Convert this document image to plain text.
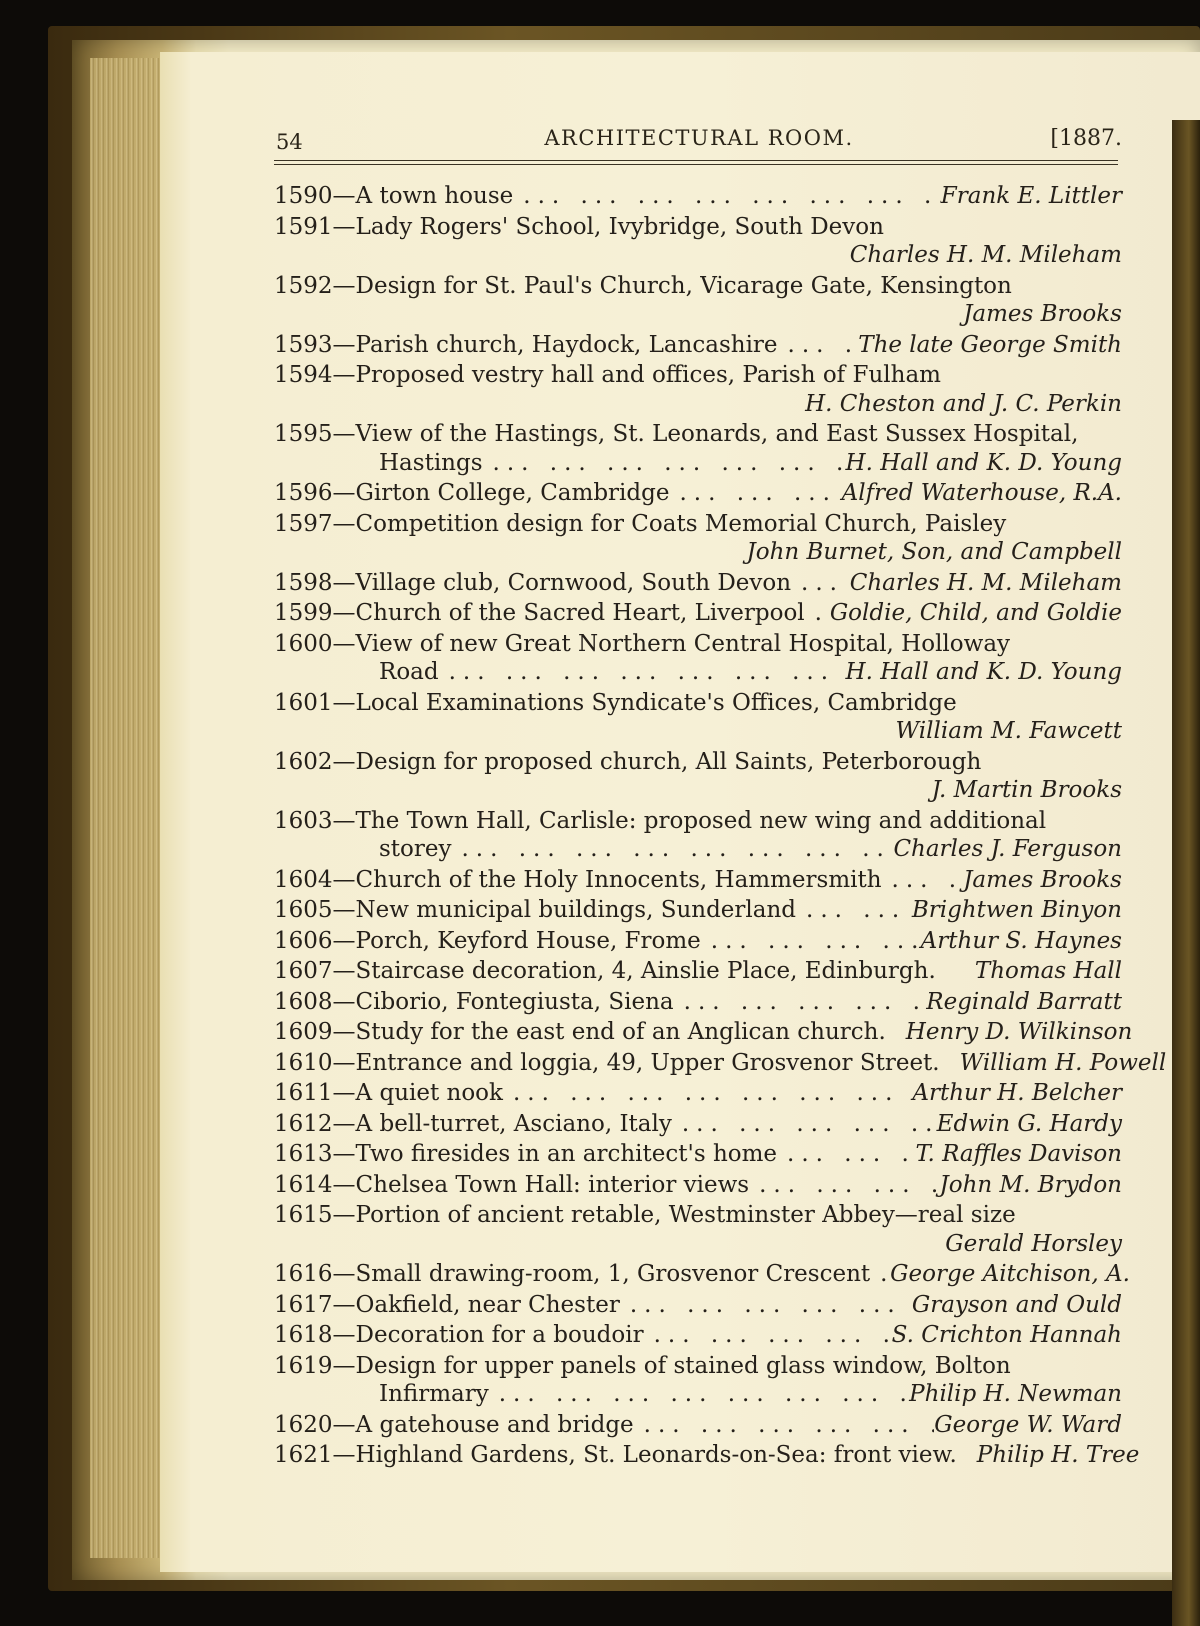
54	ARCHITECTURAL ROOM.	[1887.
1590—A town house ... .	Frank E. Littler
1591—Lady Rogers' School, Ivybridge, South Devon
Charles H. M. Mileham
1592—Design for St. Paul's Church, Vicarage Gate, Kensington
James Brooks
1593—Parish church, Haydock, Lancashire ... .	The late George Smith
1594—Proposed vestry hall and offices, Parish of Fulham
H. Cheston and J. C. Perkin
1595—View of the Hastings, St. Leonards, and East Sussex Hospital,
Hastings ... .	H. Hall and K. D. Young
1596—Girton College, Cambridge ... .	Alfred Waterhouse, R.A.
1597—Competition design for Coats Memorial Church, Paisley
John Burnet, Son, and Campbell
1598—Village club, Cornwood, South Devon ... .	Charles H. M. Mileham
1599—Church of the Sacred Heart, Liverpool ... . Goldie, Child, and Goldie
1600—View of new Great Northern Central Hospital, Holloway
Road ... .	H. Hall and K. D. Young
1601—Local Examinations Syndicate's Offices, Cambridge
William M. Fawcett
1602—Design for proposed church, All Saints, Peterborough
J. Martin Brooks
1603—The Town Hall, Carlisle: proposed new wing and additional
storey ... .	Charles J. Ferguson
1604—Church of the Holy Innocents, Hammersmith ... .	James Brooks
1605—New municipal buildings, Sunderland ... .	Brightwen Binyon
1606—Porch, Keyford House, Frome ... .	Arthur S. Haynes
1607—Staircase decoration, 4, Ainslie Place, Edinburgh. Thomas Hall
1608—Ciborio, Fontegiusta, Siena ... .	Reginald Barratt
1609—Study for the east end of an Anglican church. Henry D. Wilkinson
1610—Entrance and loggia, 49, Upper Grosvenor Street. William H. Powell
1611—A quiet nook ... .	Arthur H. Belcher
1612—A bell-turret, Asciano, Italy ... .	Edwin G. Hardy
1613—Two firesides in an architect's home ... .	T. Raffles Davison
1614—Chelsea Town Hall: interior views ... .	John M. Brydon
1615—Portion of ancient retable, Westminster Abbey—real size
Gerald Horsley
1616—Small drawing-room, 1, Grosvenor Crescent ... . George Aitchison, A.
1617—Oakfield, near Chester ... .	Grayson and Ould
1618—Decoration for a boudoir ... .	S. Crichton Hannah
1619—Design for upper panels of stained glass window, Bolton
Infirmary ... .	Philip H. Newman
1620—A gatehouse and bridge ... .	George W. Ward
1621—Highland Gardens, St. Leonards-on-Sea: front view. Philip H. Tree
